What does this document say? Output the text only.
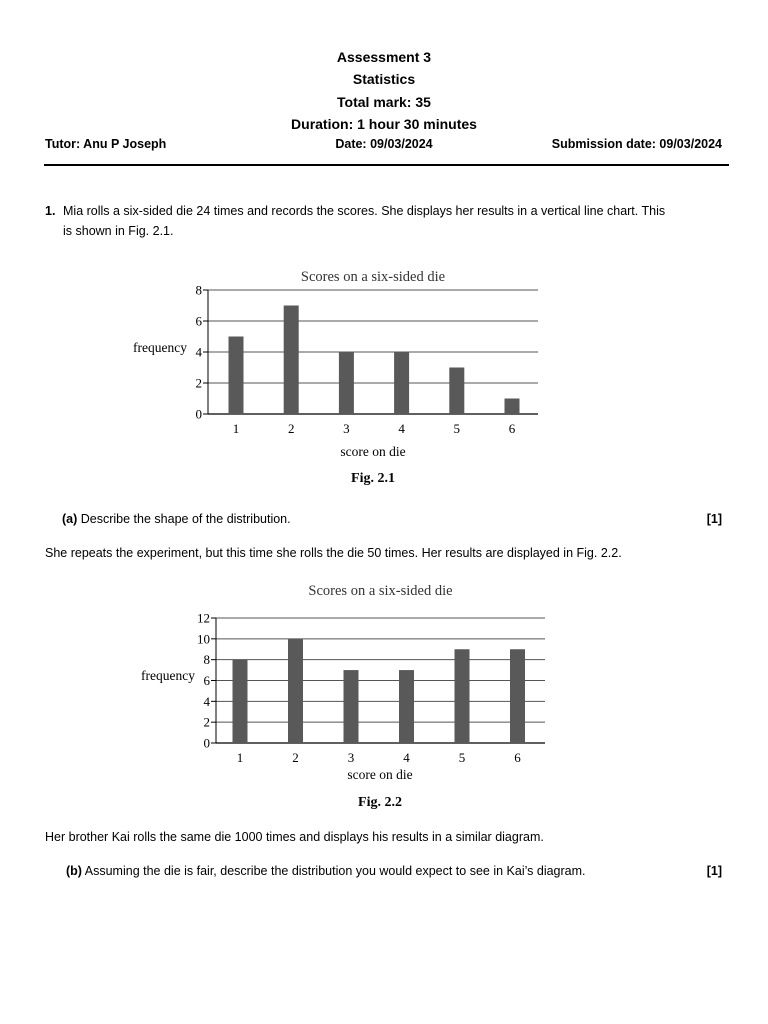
Assessment 3
Statistics
Total mark: 35
Duration: 1 hour 30 minutes
Tutor: Anu P Joseph	Date: 09/03/2024	Submission date: 09/03/2024
1. Mia rolls a six-sided die 24 times and records the scores. She displays her results in a vertical line chart. This
is shown in Fig. 2.1.
Scores on a six-sided die
0
2
4
6
8
1	2	3	4	5	6
frequency
score on die
Fig. 2.1
(a) Describe the shape of the distribution.	[1]
She repeats the experiment, but this time she rolls the die 50 times. Her results are displayed in Fig. 2.2.
Scores on a six-sided die
0
2
4
6
8
10
12
1	2	3	4	5	6
frequency
score on die
Fig. 2.2
Her brother Kai rolls the same die 1000 times and displays his results in a similar diagram.
(b) Assuming the die is fair, describe the distribution you would expect to see in Kai’s diagram.	[1]
